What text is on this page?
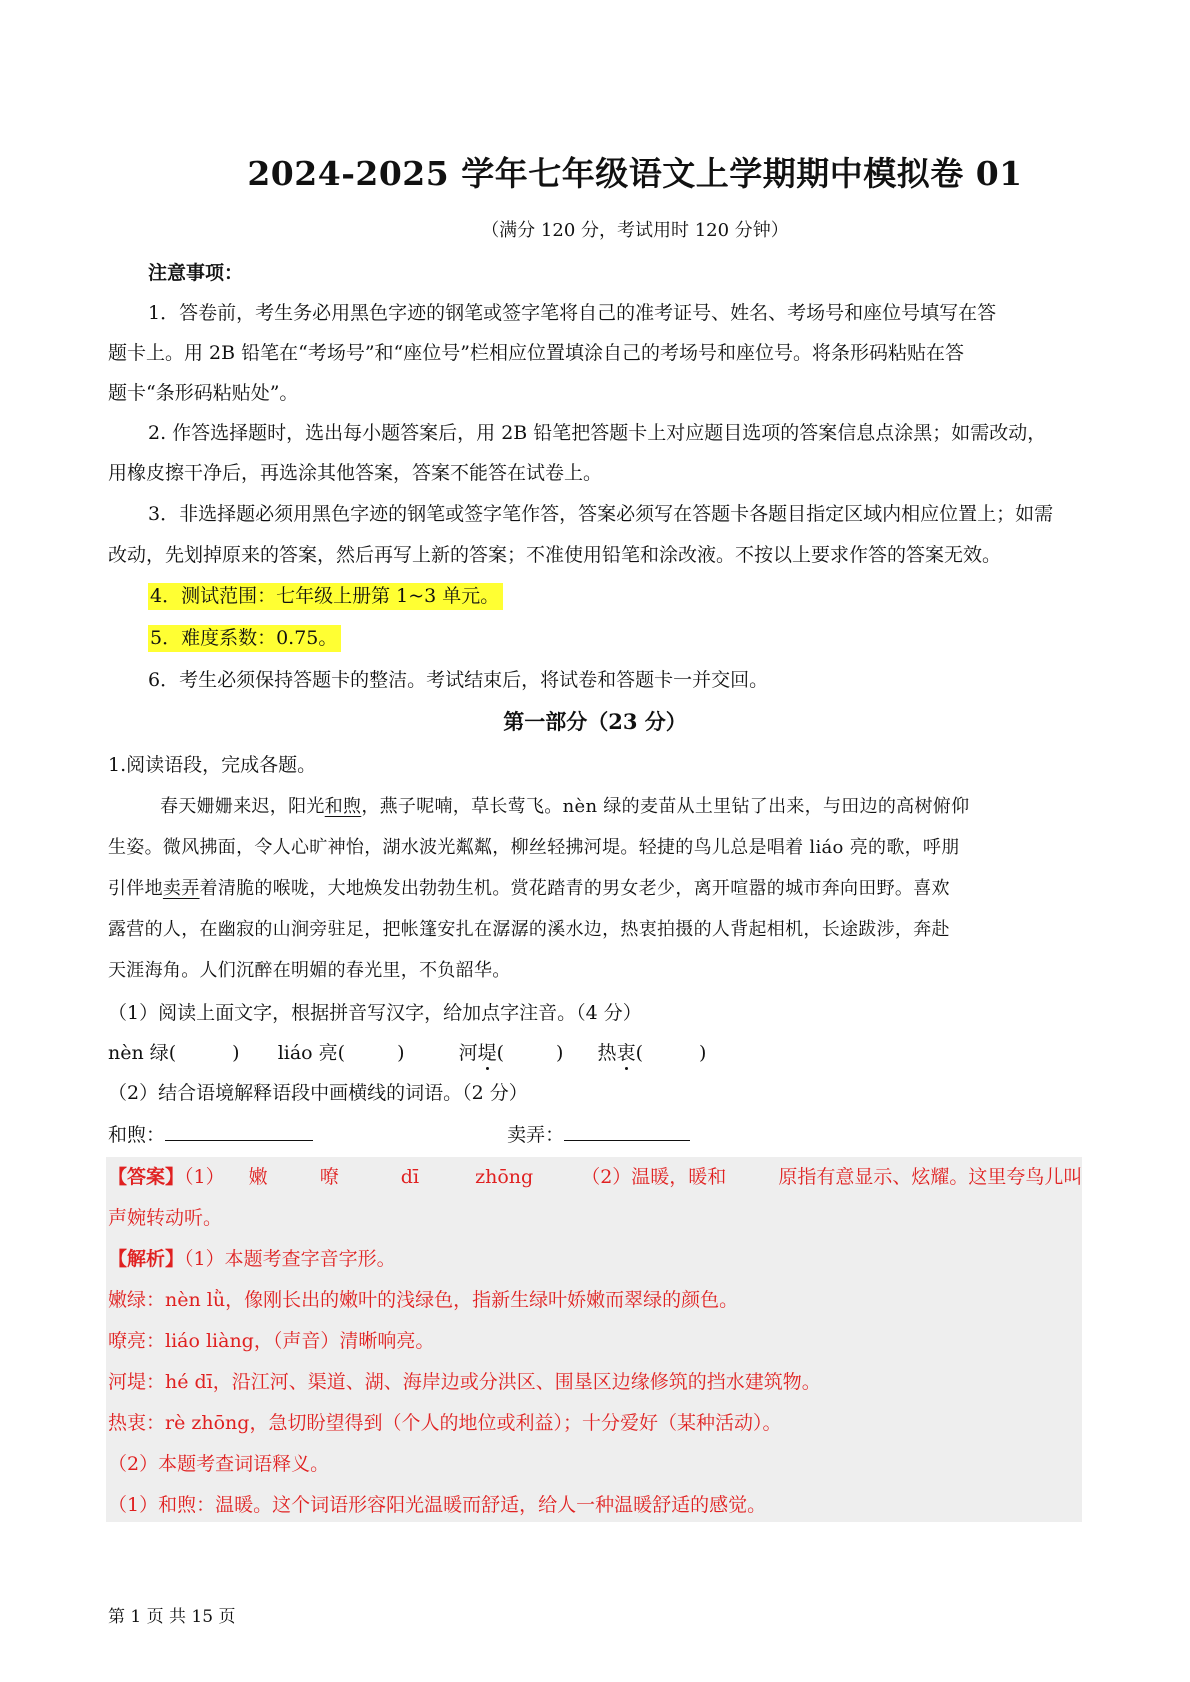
2024-2025 学年七年级语文上学期期中模拟卷 01
（满分 120 分，考试用时 120 分钟）
注意事项：
1．答卷前，考生务必用黑色字迹的钢笔或签字笔将自己的准考证号、姓名、考场号和座位号填写在答
题卡上。用 2B 铅笔在“考场号”和“座位号”栏相应位置填涂自己的考场号和座位号。将条形码粘贴在答
题卡“条形码粘贴处”。
2. 作答选择题时，选出每小题答案后，用 2B 铅笔把答题卡上对应题目选项的答案信息点涂黑；如需改动，
用橡皮擦干净后，再选涂其他答案，答案不能答在试卷上。
3．非选择题必须用黑色字迹的钢笔或签字笔作答，答案必须写在答题卡各题目指定区域内相应位置上；如需
改动，先划掉原来的答案，然后再写上新的答案；不准使用铅笔和涂改液。不按以上要求作答的答案无效。
4．测试范围：七年级上册第 1~3 单元。
5．难度系数：0.75。
6．考生必须保持答题卡的整洁。考试结束后，将试卷和答题卡一并交回。
第一部分（23 分）
1.阅读语段，完成各题。
春天姗姗来迟，阳光和煦，燕子呢喃，草长莺飞。nèn 绿的麦苗从土里钻了出来，与田边的高树俯仰
生姿。微风拂面，令人心旷神怡，湖水波光粼粼，柳丝轻拂河堤。轻捷的鸟儿总是唱着 liáo 亮的歌，呼朋
引伴地卖弄着清脆的喉咙，大地焕发出勃勃生机。赏花踏青的男女老少，离开喧嚣的城市奔向田野。喜欢
露营的人，在幽寂的山涧旁驻足，把帐篷安扎在潺潺的溪水边，热衷拍摄的人背起相机，长途跋涉，奔赴
天涯海角。人们沉醉在明媚的春光里，不负韶华。
（1）阅读上面文字，根据拼音写汉字，给加点字注音。（4 分）
nèn 绿(	) liáo 亮(	)	河堤(	) 热衷(	)
（2）结合语境解释语段中画横线的词语。（2 分）
和煦：	卖弄：
【答案】（1） 嫩	嘹	dī	zhōng	（2）温暖，暖和	原指有意显示、炫耀。这里夸鸟儿叫
声婉转动听。
【解析】（1）本题考查字音字形。
嫩绿：nèn lǜ，像刚长出的嫩叶的浅绿色，指新生绿叶娇嫩而翠绿的颜色。
嘹亮：liáo liàng，（声音）清晰响亮。
河堤：hé dī，沿江河、渠道、湖、海岸边或分洪区、围垦区边缘修筑的挡水建筑物。
热衷：rè zhōng，急切盼望得到（个人的地位或利益）；十分爱好（某种活动）。
（2）本题考查词语释义。
（1）和煦：温暖。这个词语形容阳光温暖而舒适，给人一种温暖舒适的感觉。
第 1 页 共 15 页
